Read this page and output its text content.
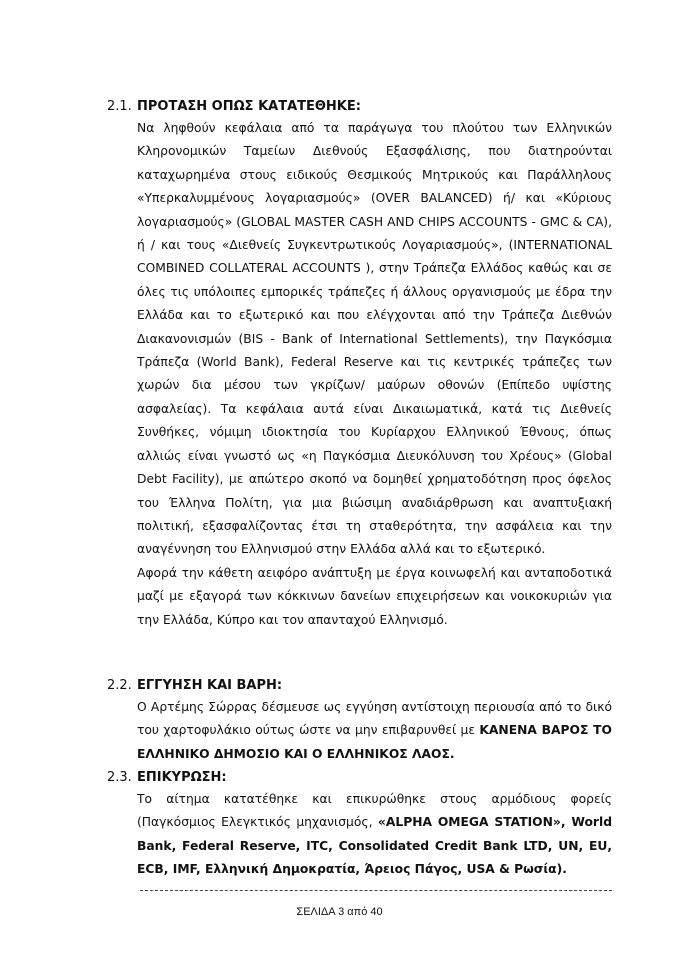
2.1. ΠΡΟΤΑΣΗ ΟΠΩΣ ΚΑΤΑΤΕΘΗΚΕ:

Να ληφθούν κεφάλαια από τα παράγωγα του πλούτου των Ελληνικών Κληρονομικών Ταμείων Διεθνούς Εξασφάλισης, που διατηρούνται καταχωρημένα στους ειδικούς Θεσμικούς Μητρικούς και Παράλληλους «Υπερκαλυμμένους λογαριασμούς» (OVER BALANCED) ή/ και «Κύριους λογαριασμούς» (GLOBAL MASTER CASH AND CHIPS ACCOUNTS - GMC & CA), ή / και τους «Διεθνείς Συγκεντρωτικούς Λογαριασμούς», (INTERNATIONAL COMBINED COLLATERAL ACCOUNTS ), στην Τράπεζα Ελλάδος καθώς και σε όλες τις υπόλοιπες εμπορικές τράπεζες ή άλλους οργανισμούς με έδρα την Ελλάδα και το εξωτερικό και που ελέγχονται από την Τράπεζα Διεθνών Διακανονισμών (BIS - Bank of International Settlements), την Παγκόσμια Τράπεζα (World Bank), Federal Reserve και τις κεντρικές τράπεζες των χωρών δια μέσου των γκρίζων/ μαύρων οθονών (Επίπεδο υψίστης ασφαλείας). Τα κεφάλαια αυτά είναι Δικαιωματικά, κατά τις Διεθνείς Συνθήκες, νόμιμη ιδιοκτησία του Κυρίαρχου Ελληνικού Έθνους, όπως αλλιώς είναι γνωστό ως «η Παγκόσμια Διευκόλυνση του Χρέους» (Global Debt Facility), με απώτερο σκοπό να δομηθεί χρηματοδότηση προς όφελος του Έλληνα Πολίτη, για μια βιώσιμη αναδιάρθρωση και αναπτυξιακή πολιτική, εξασφαλίζοντας έτσι τη σταθερότητα, την ασφάλεια και την αναγέννηση του Ελληνισμού στην Ελλάδα αλλά και το εξωτερικό.

Αφορά την κάθετη αειφόρο ανάπτυξη με έργα κοινωφελή και ανταποδοτικά μαζί με εξαγορά των κόκκινων δανείων επιχειρήσεων και νοικοκυριών για την Ελλάδα, Κύπρο και τον απανταχού Ελληνισμό.

2.2. ΕΓΓΥΗΣΗ ΚΑΙ ΒΑΡΗ:

Ο Αρτέμης Σώρρας δέσμευσε ως εγγύηση αντίστοιχη περιουσία από το δικό του χαρτοφυλάκιο ούτως ώστε να μην επιβαρυνθεί με ΚΑΝΕΝΑ ΒΑΡΟΣ ΤΟ ΕΛΛΗΝΙΚΟ ΔΗΜΟΣΙΟ ΚΑΙ Ο ΕΛΛΗΝΙΚΟΣ ΛΑΟΣ.

2.3. ΕΠΙΚΥΡΩΣΗ:

Το αίτημα κατατέθηκε και επικυρώθηκε στους αρμόδιους φορείς (Παγκόσμιος Ελεγκτικός μηχανισμός, «ALPHA OMEGA STATION», World Bank, Federal Reserve, ITC, Consolidated Credit Bank LTD, UN, EU, ECB, IMF, Ελληνική Δημοκρατία, Άρειος Πάγος, USA & Ρωσία).

ΣΕΛΙΔΑ 3 από 40
